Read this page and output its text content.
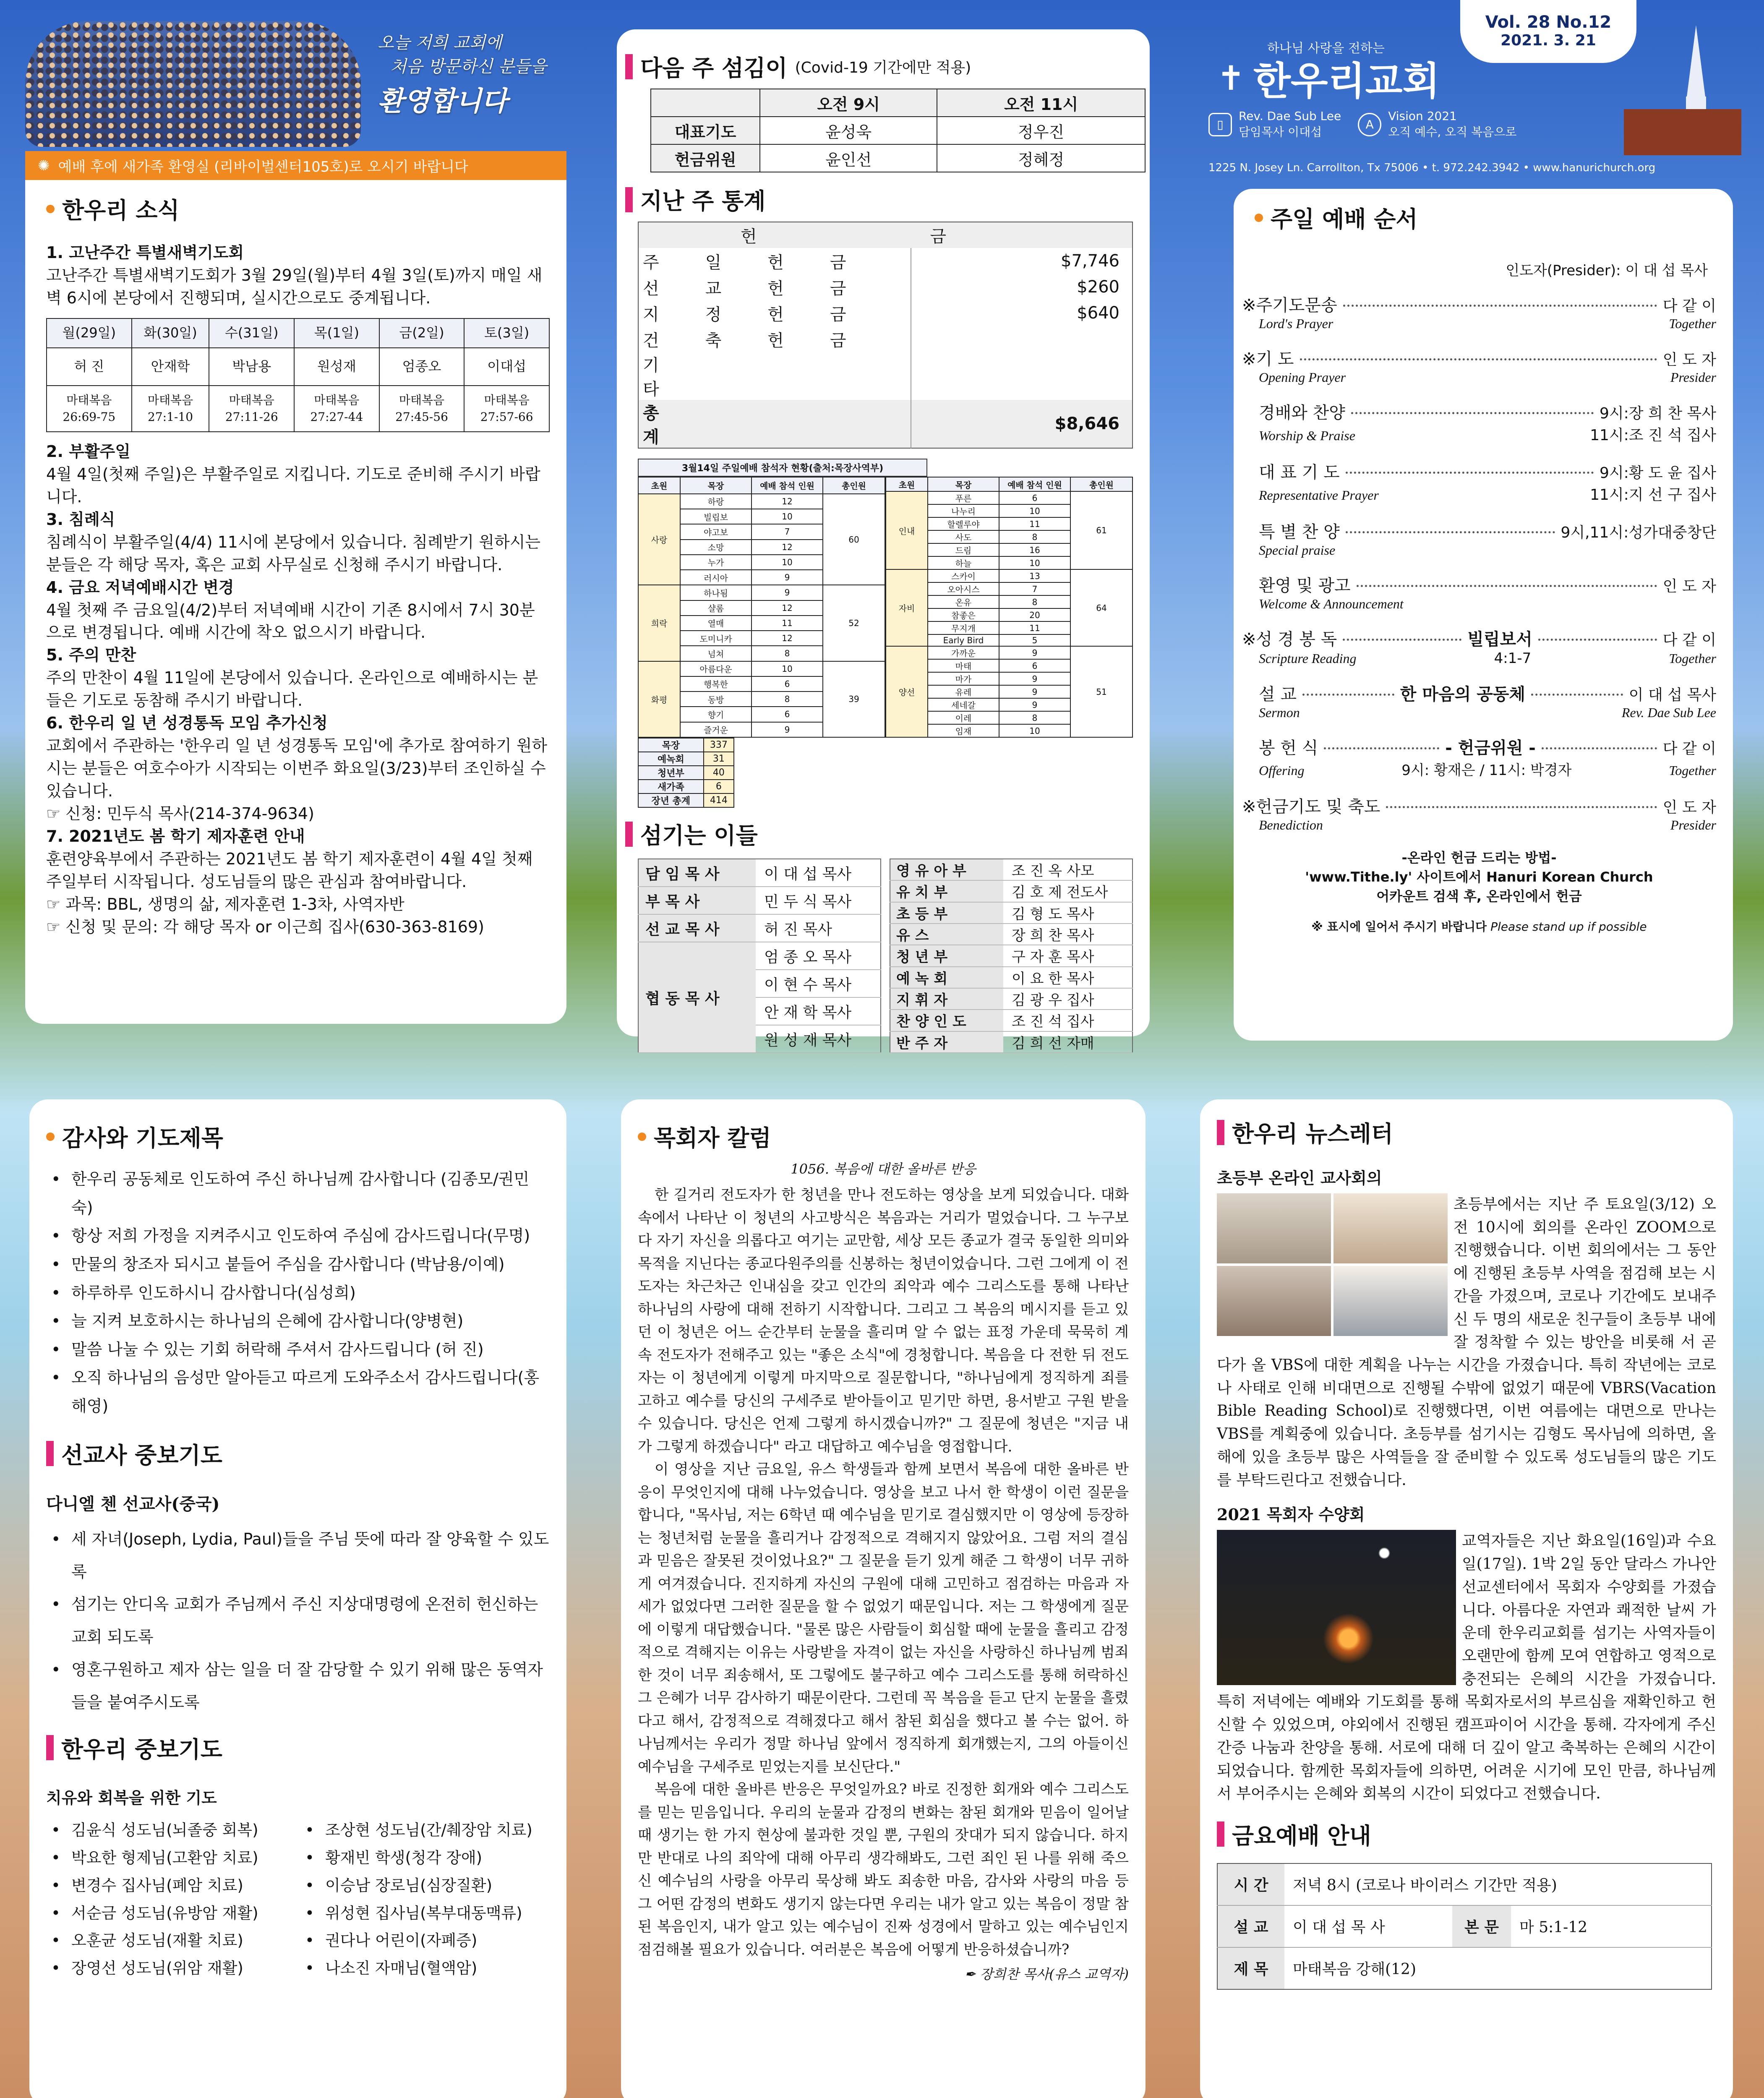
오늘 저희 교회에
처음 방문하신 분들을
환영합니다
✺ 예배 후에 새가족 환영실 (리바이벌센터105호)로 오시기 바랍니다
한우리 소식
1. 고난주간 특별새벽기도회
고난주간 특별새벽기도회가 3월 29일(월)부터 4월 3일(토)까지 매일 새벽 6시에 본당에서 진행되며, 실시간으로도 중계됩니다.
월(29일)	화(30일)	수(31일)	목(1일)	금(2일)	토(3일)
허 진	안재학	박남용	원성재	엄종오	이대섭
마태복음 26:69-75	마태복음 27:1-10	마태복음 27:11-26	마태복음 27:27-44	마태복음 27:45-56	마태복음 27:57-66
2. 부활주일
4월 4일(첫째 주일)은 부활주일로 지킵니다. 기도로 준비해 주시기 바랍니다.
3. 침례식
침례식이 부활주일(4/4) 11시에 본당에서 있습니다. 침례받기 원하시는 분들은 각 해당 목자, 혹은 교회 사무실로 신청해 주시기 바랍니다.
4. 금요 저녁예배시간 변경
4월 첫째 주 금요일(4/2)부터 저녁예배 시간이 기존 8시에서 7시 30분으로 변경됩니다. 예배 시간에 착오 없으시기 바랍니다.
5. 주의 만찬
주의 만찬이 4월 11일에 본당에서 있습니다. 온라인으로 예배하시는 분들은 기도로 동참해 주시기 바랍니다.
6. 한우리 일 년 성경통독 모임 추가신청
교회에서 주관하는 '한우리 일 년 성경통독 모임'에 추가로 참여하기 원하시는 분들은 여호수아가 시작되는 이번주 화요일(3/23)부터 조인하실 수 있습니다.
☞ 신청: 민두식 목사(214-374-9634)
7. 2021년도 봄 학기 제자훈련 안내
훈련양육부에서 주관하는 2021년도 봄 학기 제자훈련이 4월 4일 첫째 주일부터 시작됩니다. 성도님들의 많은 관심과 참여바랍니다.
☞ 과목: BBL, 생명의 삶, 제자훈련 1-3차, 사역자반
☞ 신청 및 문의: 각 해당 목자 or 이근희 집사(630-363-8169)
다음 주 섬김이 (Covid-19 기간에만 적용)
	오전 9시	오전 11시
대표기도	윤성욱	정우진
헌금위원	윤인선	정혜정
지난 주 통계
헌 금	
주일헌금	$7,746
선교헌금	$260
지정헌금	$640
건축헌금	
기타	
총계	$8,646
3월14일 주일예배 참석자 현황(출처:목장사역부)
초원	목장	예배 참석 인원	총인원
사랑	하랑	12	60
	빌립보	10	
	야고보	7	
	소망	12	
	누가	10	
	러시아	9	
희락	하나됨	9	52
	샬롬	12	
	열매	11	
	도미니카	12	
	넘쳐	8	
화평	아름다운	10	39
	행복한	6	
	동방	8	
	향기	6	
	즐거운	9	
초원	목장	예배 참석 인원	총인원
인내	푸른	6	61
	나누리	10	
	할렐루야	11	
	사도	8	
	드림	16	
	하늘	10	
자비	스카이	13	64
	오아시스	7	
	온유	8	
	참좋은	20	
	무지개	11	
	Early Bird	5	
양선	가까운	9	51
	마태	6	
	마가	9	
	유레	9	
	세네갈	9	
	이레	8	
	임재	10	
목장	337
예녹회	31
청년부	40
새가족	6
장년 총계	414
섬기는 이들
담 임 목 사	이 대 섭 목사
부 목 사	민 두 식 목사
선 교 목 사	허 진 목사
협 동 목 사	엄 종 오 목사
	이 현 수 목사
	안 재 학 목사
	원 성 재 목사
영 유 아 부	조 진 옥 사모
유 치 부	김 호 제 전도사
초 등 부	김 형 도 목사
유 스	장 희 찬 목사
청 년 부	구 자 훈 목사
예 녹 회	이 요 한 목사
지 휘 자	김 광 우 집사
찬 양 인 도	조 진 석 집사
반 주 자	김 희 선 자매
Vol. 28 No.12
2021. 3. 21
하나님 사랑을 전하는
✝ 한우리교회
▯
Rev. Dae Sub Lee
담임목사 이대섭
A
Vision 2021
오직 예수, 오직 복음으로
1225 N. Josey Ln. Carrollton, Tx 75006 • t. 972.242.3942 • www.hanurichurch.org
주일 예배 순서
인도자(Presider): 이 대 섭 목사
※주기도문송	다 같 이
Lord's Prayer	Together
※기 도	인 도 자
Opening Prayer	Presider
경배와 찬양	9시:장 희 찬 목사
Worship & Praise	11시:조 진 석 집사
대 표 기 도	9시:황 도 윤 집사
Representative Prayer	11시:지 선 구 집사
특 별 찬 양	9시,11시:성가대중창단
Special praise
환영 및 광고	인 도 자
Welcome & Announcement
※성 경 봉 독	빌립보서	다 같 이
Scripture Reading	4:1-7	Together
설 교	한 마음의 공동체	이 대 섭 목사
Sermon	Rev. Dae Sub Lee
봉 헌 식	- 헌금위원 -	다 같 이
Offering	9시: 황재은 / 11시: 박경자	Together
※헌금기도 및 축도	인 도 자
Benediction	Presider
-온라인 헌금 드리는 방법-
'www.Tithe.ly' 사이트에서 Hanuri Korean Church
어카운트 검색 후, 온라인에서 헌금
※ 표시에 일어서 주시기 바랍니다 Please stand up if possible
감사와 기도제목
• 한우리 공동체로 인도하여 주신 하나님께 감사합니다 (김종모/권민숙)
• 항상 저희 가정을 지켜주시고 인도하여 주심에 감사드립니다(무명)
• 만물의 창조자 되시고 붙들어 주심을 감사합니다 (박남용/이예)
• 하루하루 인도하시니 감사합니다(심성희)
• 늘 지켜 보호하시는 하나님의 은혜에 감사합니다(양병현)
• 말씀 나눌 수 있는 기회 허락해 주셔서 감사드립니다 (허 진)
• 오직 하나님의 음성만 알아듣고 따르게 도와주소서 감사드립니다(홍해영)
선교사 중보기도
다니엘 첸 선교사(중국)
• 세 자녀(Joseph, Lydia, Paul)들을 주님 뜻에 따라 잘 양육할 수 있도록
• 섬기는 안디옥 교회가 주님께서 주신 지상대명령에 온전히 헌신하는 교회 되도록
• 영혼구원하고 제자 삼는 일을 더 잘 감당할 수 있기 위해 많은 동역자들을 붙여주시도록
한우리 중보기도
치유와 회복을 위한 기도
• 김윤식 성도님(뇌졸중 회복)
• 박요한 형제님(고환암 치료)
• 변경수 집사님(폐암 치료)
• 서순금 성도님(유방암 재활)
• 오훈균 성도님(재활 치료)
• 장영선 성도님(위암 재활)
• 조상현 성도님(간/췌장암 치료)
• 황재빈 학생(청각 장애)
• 이승남 장로님(심장질환)
• 위성현 집사님(복부대동맥류)
• 권다나 어린이(자폐증)
• 나소진 자매님(혈액암)
목회자 칼럼
1056. 복음에 대한 올바른 반응

한 길거리 전도자가 한 청년을 만나 전도하는 영상을 보게 되었습니다. 대화 속에서 나타난 이 청년의 사고방식은 복음과는 거리가 멀었습니다. 그 누구보다 자기 자신을 의롭다고 여기는 교만함, 세상 모든 종교가 결국 동일한 의미와 목적을 지닌다는 종교다원주의를 신봉하는 청년이었습니다. 그런 그에게 이 전도자는 차근차근 인내심을 갖고 인간의 죄악과 예수 그리스도를 통해 나타난 하나님의 사랑에 대해 전하기 시작합니다. 그리고 그 복음의 메시지를 듣고 있던 이 청년은 어느 순간부터 눈물을 흘리며 알 수 없는 표정 가운데 묵묵히 계속 전도자가 전해주고 있는 "좋은 소식"에 경청합니다. 복음을 다 전한 뒤 전도자는 이 청년에게 이렇게 마지막으로 질문합니다, "하나님에게 정직하게 죄를 고하고 예수를 당신의 구세주로 받아들이고 믿기만 하면, 용서받고 구원 받을 수 있습니다. 당신은 언제 그렇게 하시겠습니까?" 그 질문에 청년은 "지금 내가 그렇게 하겠습니다" 라고 대답하고 예수님을 영접합니다.

이 영상을 지난 금요일, 유스 학생들과 함께 보면서 복음에 대한 올바른 반응이 무엇인지에 대해 나누었습니다. 영상을 보고 나서 한 학생이 이런 질문을 합니다, "목사님, 저는 6학년 때 예수님을 믿기로 결심했지만 이 영상에 등장하는 청년처럼 눈물을 흘리거나 감정적으로 격해지지 않았어요. 그럼 저의 결심과 믿음은 잘못된 것이었나요?" 그 질문을 듣기 있게 해준 그 학생이 너무 귀하게 여겨졌습니다. 진지하게 자신의 구원에 대해 고민하고 점검하는 마음과 자세가 없었다면 그러한 질문을 할 수 없었기 때문입니다. 저는 그 학생에게 질문에 이렇게 대답했습니다. "물론 많은 사람들이 회심할 때에 눈물을 흘리고 감정적으로 격해지는 이유는 사랑받을 자격이 없는 자신을 사랑하신 하나님께 범죄한 것이 너무 죄송해서, 또 그렇에도 불구하고 예수 그리스도를 통해 허락하신 그 은혜가 너무 감사하기 때문이란다. 그런데 꼭 복음을 듣고 단지 눈물을 흘렸다고 해서, 감정적으로 격해졌다고 해서 참된 회심을 했다고 볼 수는 없어. 하나님께서는 우리가 정말 하나님 앞에서 정직하게 회개했는지, 그의 아들이신 예수님을 구세주로 믿었는지를 보신단다."

복음에 대한 올바른 반응은 무엇일까요? 바로 진정한 회개와 예수 그리스도를 믿는 믿음입니다. 우리의 눈물과 감정의 변화는 참된 회개와 믿음이 일어날 때 생기는 한 가지 현상에 불과한 것일 뿐, 구원의 잣대가 되지 않습니다. 하지만 반대로 나의 죄악에 대해 아무리 생각해봐도, 그런 죄인 된 나를 위해 죽으신 예수님의 사랑을 아무리 묵상해 봐도 죄송한 마음, 감사와 사랑의 마음 등 그 어떤 감정의 변화도 생기지 않는다면 우리는 내가 알고 있는 복음이 정말 참된 복음인지, 내가 알고 있는 예수님이 진짜 성경에서 말하고 있는 예수님인지 점검해볼 필요가 있습니다. 여러분은 복음에 어떻게 반응하셨습니까?

✒ 장희찬 목사(유스 교역자)
한우리 뉴스레터
초등부 온라인 교사회의

초등부에서는 지난 주 토요일(3/12) 오전 10시에 회의를 온라인 ZOOM으로 진행했습니다. 이번 회의에서는 그 동안에 진행된 초등부 사역을 점검해 보는 시간을 가졌으며, 코로나 기간에도 보내주신 두 명의 새로운 친구들이 초등부 내에 잘 정착할 수 있는 방안을 비롯해 서 곧 다가 올 VBS에 대한 계획을 나누는 시간을 가졌습니다. 특히 작년에는 코로나 사태로 인해 비대면으로 진행될 수밖에 없었기 때문에 VBRS(Vacation Bible Reading School)로 진행했다면, 이번 여름에는 대면으로 만나는 VBS를 계획중에 있습니다. 초등부를 섬기시는 김형도 목사님에 의하면, 올 해에 있을 초등부 많은 사역들을 잘 준비할 수 있도록 성도님들의 많은 기도를 부탁드린다고 전했습니다.

2021 목회자 수양회

교역자들은 지난 화요일(16일)과 수요일(17일). 1박 2일 동안 달라스 가나안 선교센터에서 목회자 수양회를 가졌습니다. 아름다운 자연과 쾌적한 날씨 가운데 한우리교회를 섬기는 사역자들이 오랜만에 함께 모여 연합하고 영적으로 충전되는 은혜의 시간을 가졌습니다. 특히 저녁에는 예배와 기도회를 통해 목회자로서의 부르심을 재확인하고 헌신할 수 있었으며, 야외에서 진행된 캠프파이어 시간을 통해. 각자에게 주신 간증 나눔과 찬양을 통해. 서로에 대해 더 깊이 알고 축복하는 은혜의 시간이 되었습니다. 함께한 목회자들에 의하면, 어려운 시기에 모인 만큼, 하나님께서 부어주시는 은혜와 회복의 시간이 되었다고 전했습니다.

금요예배 안내
시 간	저녁 8시 (코로나 바이러스 기간만 적용)		
설 교	이 대 섭 목 사	본 문	마 5:1-12
제 목	마태복음 강해(12)		
